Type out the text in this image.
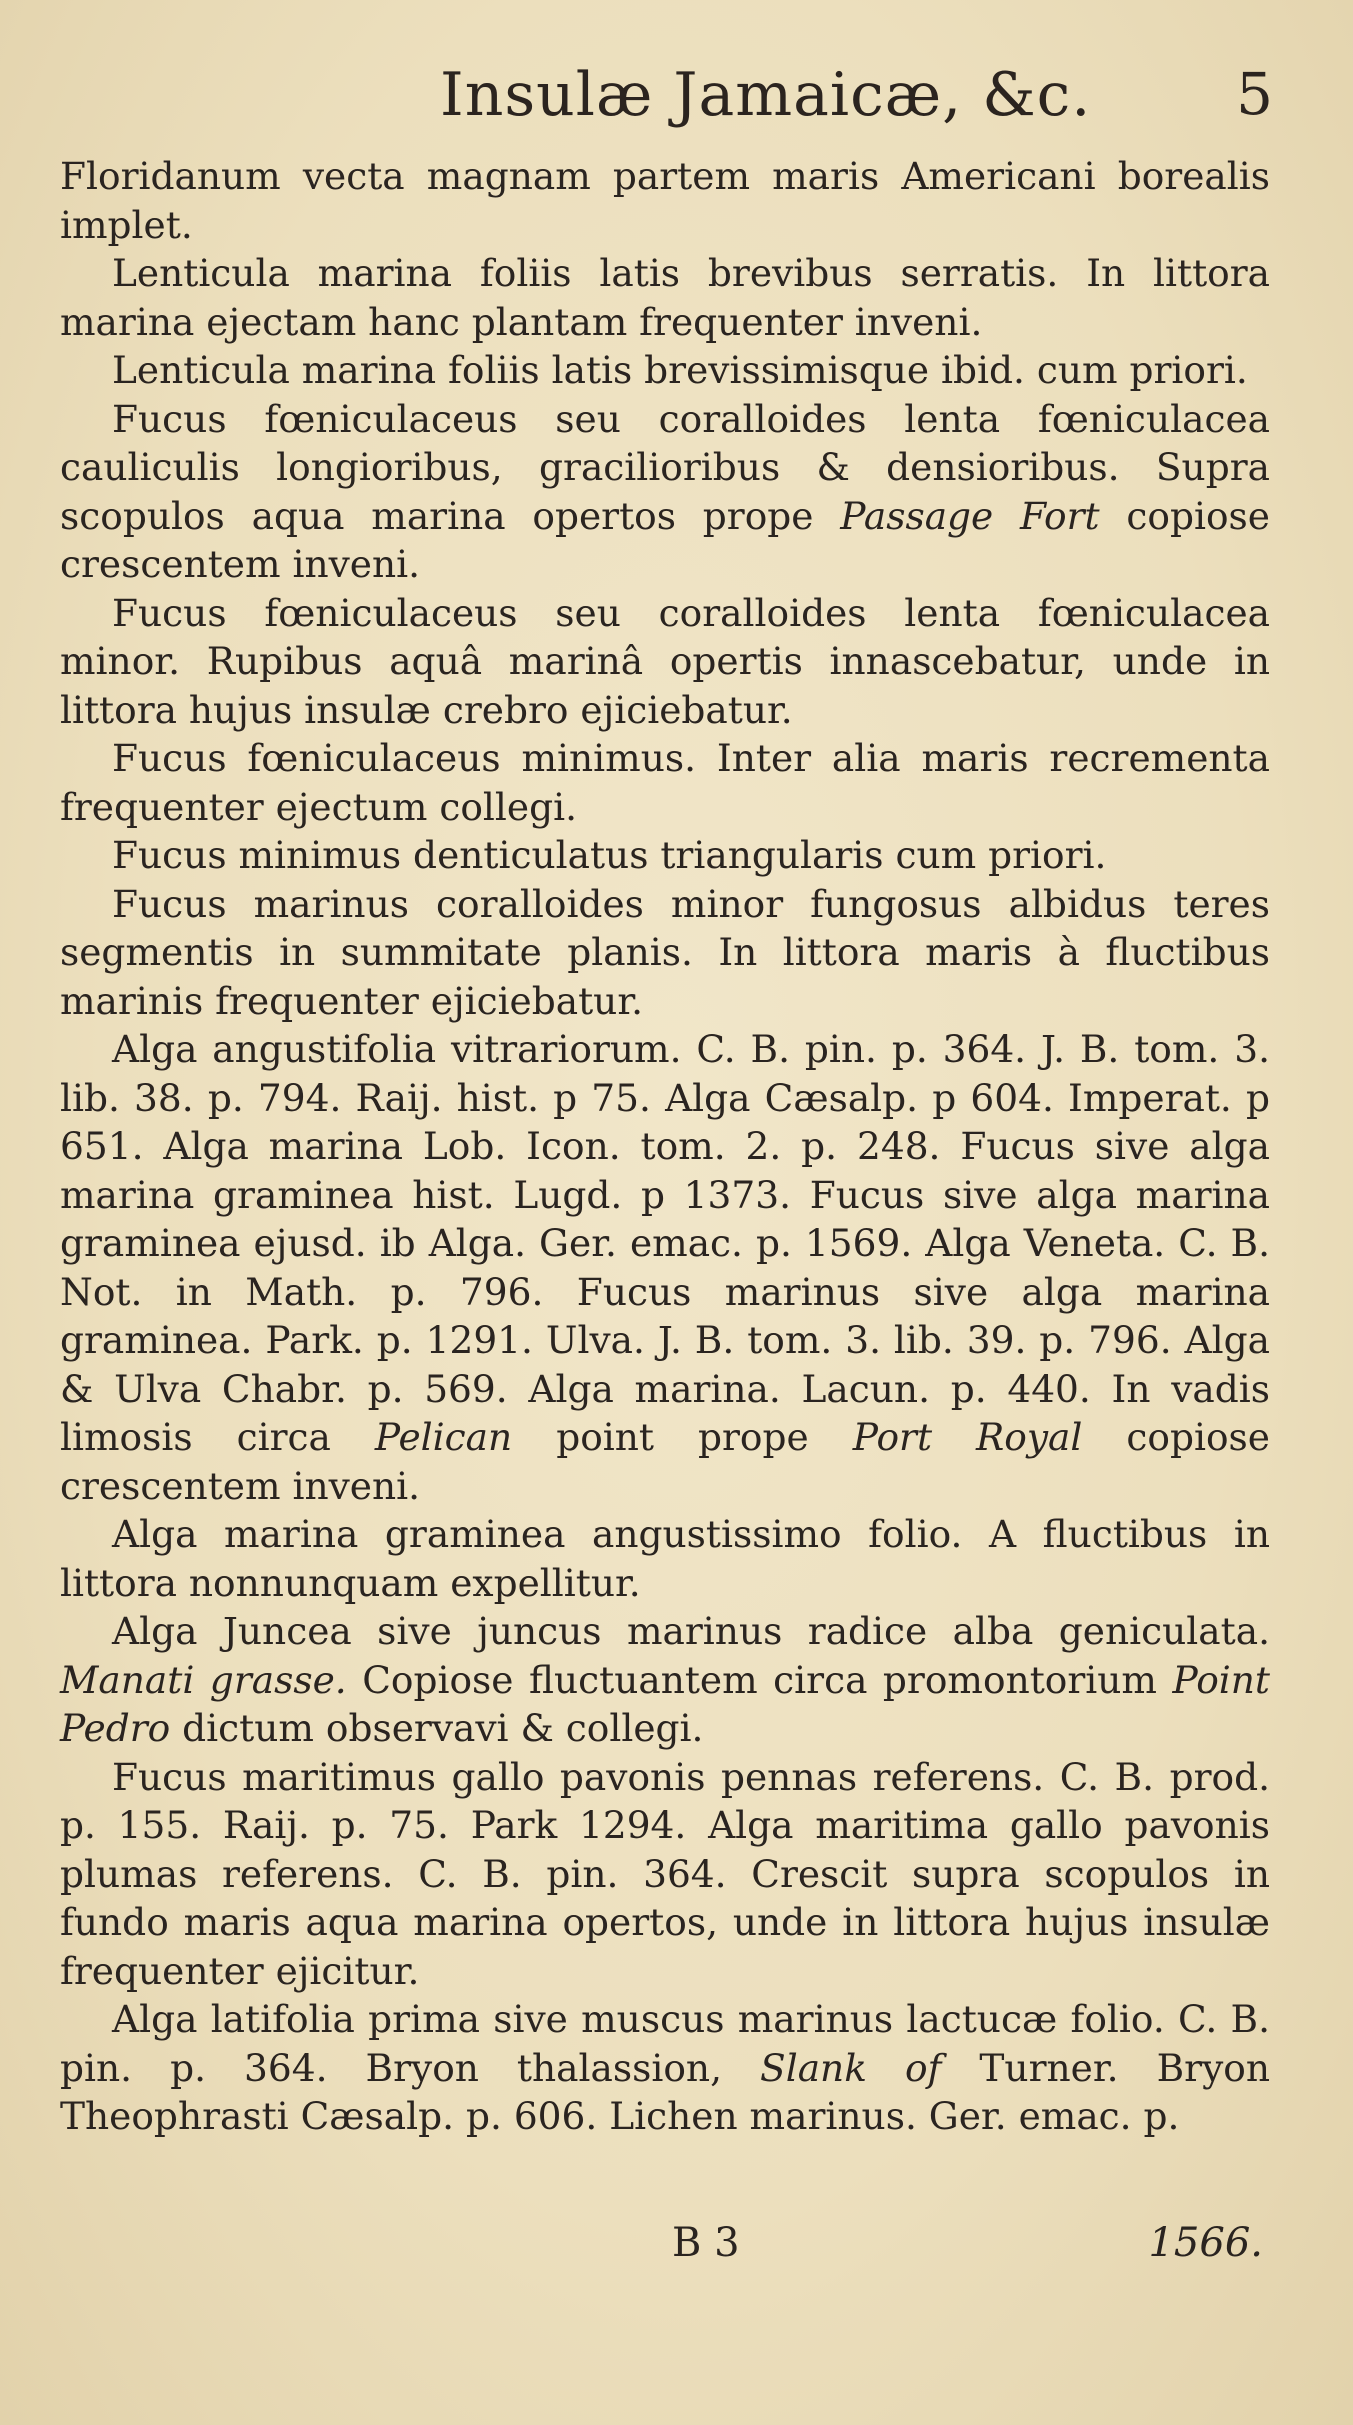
Insulæ Jamaicæ, &c. 5

Floridanum vecta magnam partem maris Americani borealis implet.

Lenticula marina foliis latis brevibus serratis. In littora marina ejectam hanc plantam frequenter inveni.

Lenticula marina foliis latis brevissimisque ibid. cum priori.

Fucus fœniculaceus seu coralloides lenta fœniculacea cauliculis longioribus, gracilioribus & densioribus. Supra scopulos aqua marina opertos prope Passage Fort copiose crescentem inveni.

Fucus fœniculaceus seu coralloides lenta fœniculacea minor. Rupibus aquâ marinâ opertis innascebatur, unde in littora hujus insulæ crebro ejiciebatur.

Fucus fœniculaceus minimus. Inter alia maris recrementa frequenter ejectum collegi.

Fucus minimus denticulatus triangularis cum priori.

Fucus marinus coralloides minor fungosus albidus teres segmentis in summitate planis. In littora maris à fluctibus marinis frequenter ejiciebatur.

Alga angustifolia vitrariorum. C. B. pin. p. 364. J. B. tom. 3. lib. 38. p. 794. Raij. hist. p 75. Alga Cæsalp. p 604. Imperat. p 651. Alga marina Lob. Icon. tom. 2. p. 248. Fucus sive alga marina graminea hist. Lugd. p 1373. Fucus sive alga marina graminea ejusd. ib Alga. Ger. emac. p. 1569. Alga Veneta. C. B. Not. in Math. p. 796. Fucus marinus sive alga marina graminea. Park. p. 1291. Ulva. J. B. tom. 3. lib. 39. p. 796. Alga & Ulva Chabr. p. 569. Alga marina. Lacun. p. 440. In vadis limosis circa Pelican point prope Port Royal copiose crescentem inveni.

Alga marina graminea angustissimo folio. A fluctibus in littora nonnunquam expellitur.

Alga Juncea sive juncus marinus radice alba geniculata. Manati grasse. Copiose fluctuantem circa promontorium Point Pedro dictum observavi & collegi.

Fucus maritimus gallo pavonis pennas referens. C. B. prod. p. 155. Raij. p. 75. Park 1294. Alga maritima gallo pavonis plumas referens. C. B. pin. 364. Crescit supra scopulos in fundo maris aqua marina opertos, unde in littora hujus insulæ frequenter ejicitur.

Alga latifolia prima sive muscus marinus lactucæ folio. C. B. pin. p. 364. Bryon thalassion, Slank of Turner. Bryon Theophrasti Cæsalp. p. 606. Lichen marinus. Ger. emac. p.

B 3	1566.
